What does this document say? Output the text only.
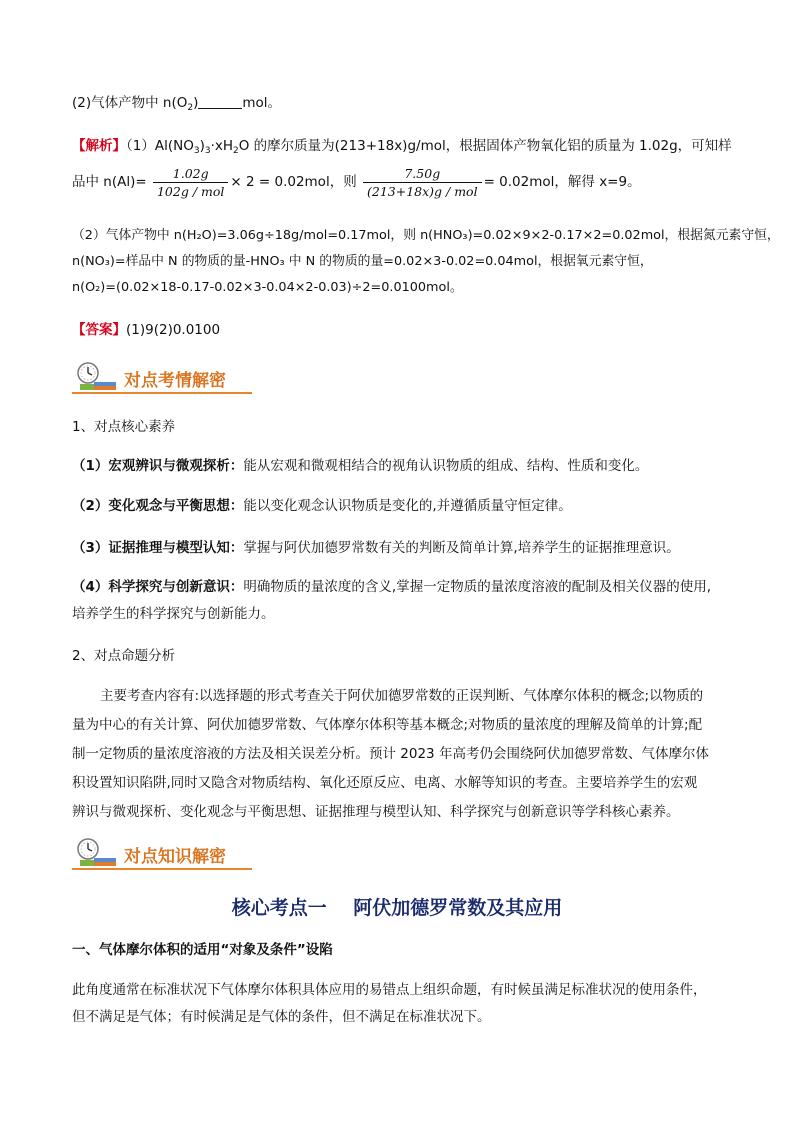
(2)气体产物中 $n(O_2)$	mol。
【解析】$(1)Al(NO_3)_3\cdot xH_2O$ 的摩尔质量为(213+18x)g/mol，根据固体产物氧化铝的质量为 1.02g，可知样
品中 $n(Al)= \frac{1.02g}{\text{102g / mol}} \times 2 = 0.02mol$，则 $\frac{7.50g}{\text{(213+18x)g / mol}} = 0.02mol$，解得 x=9。
（2）气体产物中 n(H₂O)=3.06g÷18g/mol=0.17mol，则 n(HNO₃)=0.02×9×2-0.17×2=0.02mol，根据氮元素守恒，
n(NO₃)=样品中 N 的物质的量-HNO₃ 中 N 的物质的量=0.02×3-0.02=0.04mol，根据氧元素守恒，
n(O₂)=(0.02×18-0.17-0.02×3-0.04×2-0.03)÷2=0.0100mol。
【答案】(1)9(2)0.0100
对点考情解密
1、对点核心素养
（1）宏观辨识与微观探析：能从宏观和微观相结合的视角认识物质的组成、结构、性质和变化。
（2）变化观念与平衡思想：能以变化观念认识物质是变化的,并遵循质量守恒定律。
（3）证据推理与模型认知：掌握与阿伏加德罗常数有关的判断及简单计算,培养学生的证据推理意识。
（4）科学探究与创新意识：明确物质的量浓度的含义,掌握一定物质的量浓度溶液的配制及相关仪器的使用,
培养学生的科学探究与创新能力。
2、对点命题分析
主要考查内容有:以选择题的形式考查关于阿伏加德罗常数的正误判断、气体摩尔体积的概念;以物质的
量为中心的有关计算、阿伏加德罗常数、气体摩尔体积等基本概念;对物质的量浓度的理解及简单的计算;配
制一定物质的量浓度溶液的方法及相关误差分析。预计 2023 年高考仍会围绕阿伏加德罗常数、气体摩尔体
积设置知识陷阱,同时又隐含对物质结构、氧化还原反应、电离、水解等知识的考查。主要培养学生的宏观
辨识与微观探析、变化观念与平衡思想、证据推理与模型认知、科学探究与创新意识等学科核心素养。
对点知识解密
核心考点一    阿伏加德罗常数及其应用
一、气体摩尔体积的适用“对象及条件”设陷
此角度通常在标准状况下气体摩尔体积具体应用的易错点上组织命题，有时候虽满足标准状况的使用条件，
但不满足是气体；有时候满足是气体的条件，但不满足在标准状况下。
